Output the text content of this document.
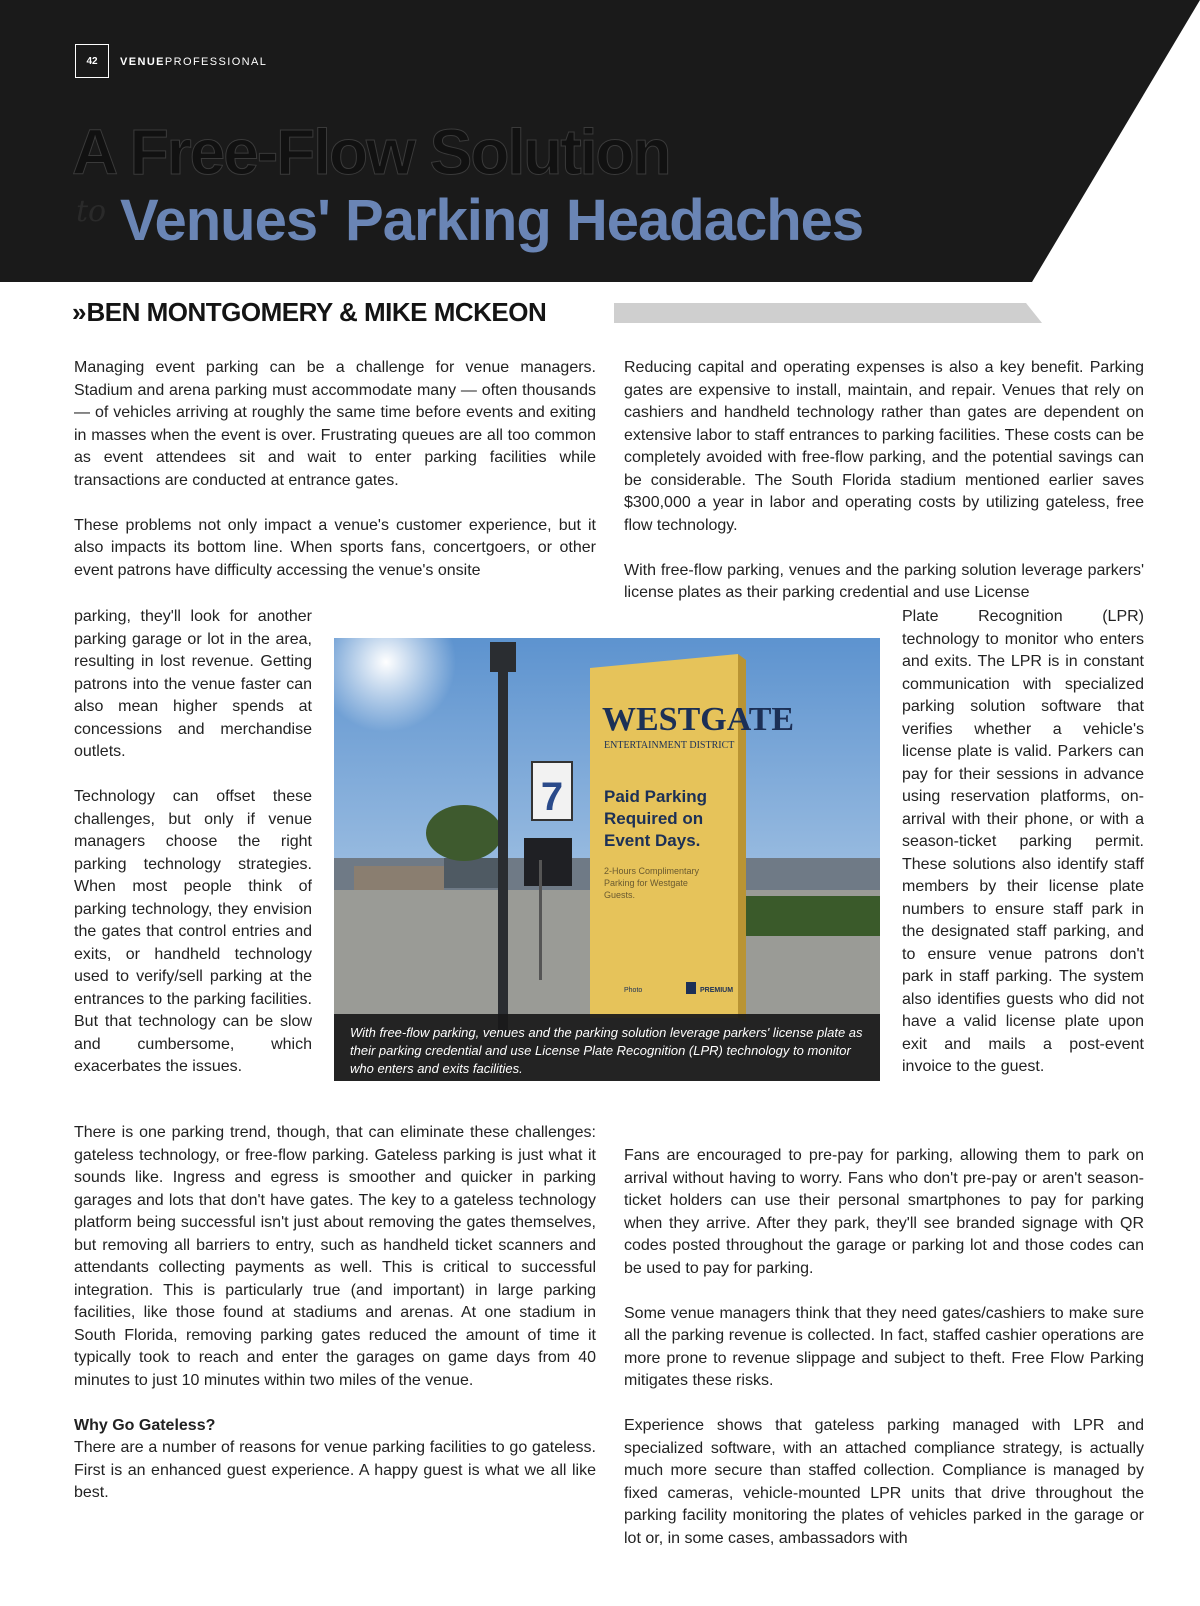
42	VENUEPROFESSIONAL
A Free-Flow Solution
to Venues' Parking Headaches
» BEN MONTGOMERY & MIKE MCKEON

Managing event parking can be a challenge for venue managers. Stadium and arena parking must accommodate many — often thousands — of vehicles arriving at roughly the same time before events and exiting in masses when the event is over. Frustrating queues are all too common as event attendees sit and wait to enter parking facilities while transactions are conducted at entrance gates.

These problems not only impact a venue's customer experience, but it also impacts its bottom line. When sports fans, concertgoers, or other event patrons have difficulty accessing the venue's onsite

parking, they'll look for another parking garage or lot in the area, resulting in lost revenue. Getting patrons into the venue faster can also mean higher spends at concessions and merchandise outlets.

Technology can offset these challenges, but only if venue managers choose the right parking technology strategies. When most people think of parking technology, they envision the gates that control entries and exits, or handheld technology used to verify/sell parking at the entrances to the parking facilities. But that technology can be slow and cumbersome, which exacerbates the issues.

There is one parking trend, though, that can eliminate these challenges: gateless technology, or free-flow parking. Gateless parking is just what it sounds like. Ingress and egress is smoother and quicker in parking garages and lots that don't have gates. The key to a gateless technology platform being successful isn't just about removing the gates themselves, but removing all barriers to entry, such as handheld ticket scanners and attendants collecting payments as well. This is critical to successful integration. This is particularly true (and important) in large parking facilities, like those found at stadiums and arenas. At one stadium in South Florida, removing parking gates reduced the amount of time it typically took to reach and enter the garages on game days from 40 minutes to just 10 minutes within two miles of the venue.

Why Go Gateless?

There are a number of reasons for venue parking facilities to go gateless. First is an enhanced guest experience. A happy guest is what we all like best.

Reducing capital and operating expenses is also a key benefit. Parking gates are expensive to install, maintain, and repair. Venues that rely on cashiers and handheld technology rather than gates are dependent on extensive labor to staff entrances to parking facilities. These costs can be completely avoided with free-flow parking, and the potential savings can be considerable. The South Florida stadium mentioned earlier saves $300,000 a year in labor and operating costs by utilizing gateless, free flow technology.

With free-flow parking, venues and the parking solution leverage parkers' license plates as their parking credential and use License

Plate Recognition (LPR) technology to monitor who enters and exits. The LPR is in constant communication with specialized parking solution software that verifies whether a vehicle's license plate is valid. Parkers can pay for their sessions in advance using reservation platforms, on-arrival with their phone, or with a season-ticket parking permit. These solutions also identify staff members by their license plate numbers to ensure staff park in the designated staff parking, and to ensure venue patrons don't park in staff parking. The system also identifies guests who did not have a valid license plate upon exit and mails a post-event invoice to the guest.

Fans are encouraged to pre-pay for parking, allowing them to park on arrival without having to worry. Fans who don't pre-pay or aren't season-ticket holders can use their personal smartphones to pay for parking when they arrive. After they park, they'll see branded signage with QR codes posted throughout the garage or parking lot and those codes can be used to pay for parking.

Some venue managers think that they need gates/cashiers to make sure all the parking revenue is collected. In fact, staffed cashier operations are more prone to revenue slippage and subject to theft. Free Flow Parking mitigates these risks.

Experience shows that gateless parking managed with LPR and specialized software, with an attached compliance strategy, is actually much more secure than staffed collection. Compliance is managed by fixed cameras, vehicle-mounted LPR units that drive throughout the parking facility monitoring the plates of vehicles parked in the garage or lot or, in some cases, ambassadors with

7
WESTGATE
ENTERTAINMENT DISTRICT
Paid Parking
Required on
Event Days.
2-Hours Complimentary
Parking for Westgate
Guests.
Photo	PREMIUM

With free-flow parking, venues and the parking solution leverage parkers' license plate as their parking credential and use License Plate Recognition (LPR) technology to monitor who enters and exits facilities.
